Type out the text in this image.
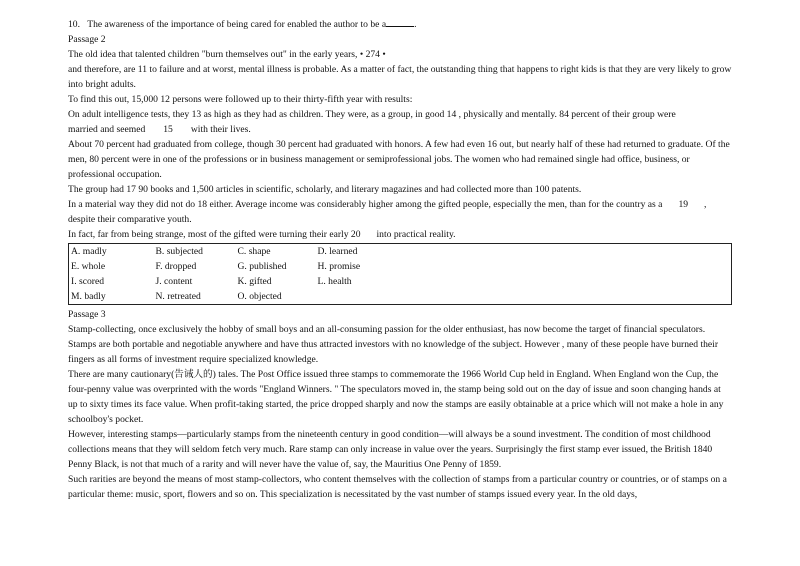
10. The awareness of the importance of being cared for enabled the author to be a	.
Passage 2
The old idea that talented children "burn themselves out" in the early years, • 274 •
and therefore, are 11 to failure and at worst, mental illness is probable. As a matter of fact, the outstanding thing that happens to right kids is that they are very likely to grow into bright adults.
To find this out, 15,000 12 persons were followed up to their thirty-fifth year with results:
On adult intelligence tests, they 13 as high as they had as children. They were, as a group, in good 14 , physically and mentally. 84 percent of their group were
married and seemed 15 with their lives.
About 70 percent had graduated from college, though 30 percent had graduated with honors. A few had even 16 out, but nearly half of these had returned to graduate. Of the men, 80 percent were in one of the professions or in business management or semiprofessional jobs. The women who had remained single had office, business, or professional occupation.
The group had 17 90 books and 1,500 articles in scientific, scholarly, and literary magazines and had collected more than 100 patents.
In a material way they did not do 18 either. Average income was considerably higher among the gifted people, especially the men, than for the country as a 19 ,
despite their comparative youth.
In fact, far from being strange, most of the gifted were turning their early 20 into practical reality.
A. madly	B. subjected	C. shape	D. learned
E. whole	F. dropped	G. published	H. promise
I. scored	J. content	K. gifted	L. health
M. badly	N. retreated	O. objected	
Passage 3
Stamp-collecting, once exclusively the hobby of small boys and an all-consuming passion for the older enthusiast, has now become the target of financial speculators. Stamps are both portable and negotiable anywhere and have thus attracted investors with no knowledge of the subject. However , many of these people have burned their fingers as all forms of investment require specialized knowledge.
There are many cautionary(告诫人的) tales. The Post Office issued three stamps to commemorate the 1966 World Cup held in England. When England won the Cup, the four-penny value was overprinted with the words "England Winners. " The speculators moved in, the stamp being sold out on the day of issue and soon changing hands at up to sixty times its face value. When profit-taking started, the price dropped sharply and now the stamps are easily obtainable at a price which will not make a hole in any schoolboy's pocket.
However, interesting stamps—particularly stamps from the nineteenth century in good condition—will always be a sound investment. The condition of most childhood collections means that they will seldom fetch very much. Rare stamp can only increase in value over the years. Surprisingly the first stamp ever issued, the British 1840 Penny Black, is not that much of a rarity and will never have the value of, say, the Mauritius One Penny of 1859.
Such rarities are beyond the means of most stamp-collectors, who content themselves with the collection of stamps from a particular country or countries, or of stamps on a particular theme: music, sport, flowers and so on. This specialization is necessitated by the vast number of stamps issued every year. In the old days,
